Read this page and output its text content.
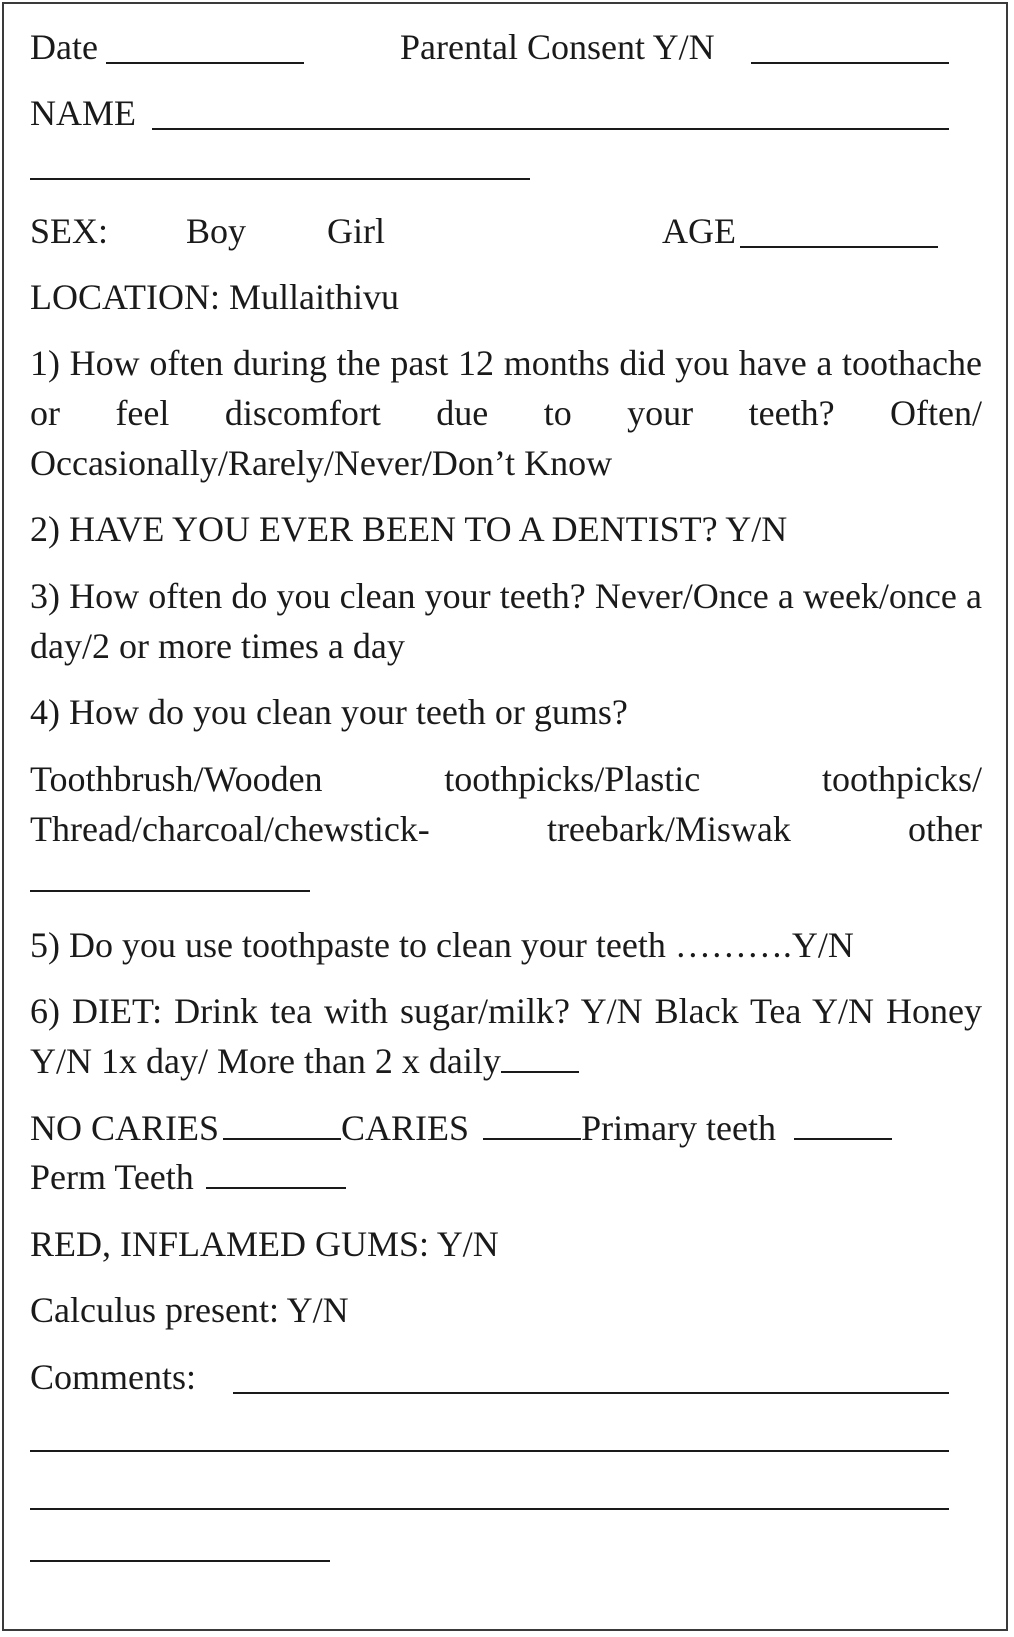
Date	Parental Consent Y/N
NAME
SEX: Boy Girl	AGE
LOCATION: Mullaithivu
1) How often during the past 12 months did you have a toothache or feel discomfort due to your teeth? Often/ Occasionally/Rarely/Never/Don’t Know
2) HAVE YOU EVER BEEN TO A DENTIST? Y/N
3) How often do you clean your teeth? Never/Once a week/once a day/2 or more times a day
4) How do you clean your teeth or gums?
Toothbrush/Wooden	toothpicks/Plastic	toothpicks/
Thread/charcoal/chewstick-	treebark/Miswak	other
5) Do you use toothpaste to clean your teeth ……….Y/N
6) DIET: Drink tea with sugar/milk? Y/N Black Tea Y/N Honey Y/N 1x day/ More than 2 x daily
NO CARIES	CARIES	Primary teeth
Perm Teeth
RED, INFLAMED GUMS: Y/N
Calculus present: Y/N
Comments:
